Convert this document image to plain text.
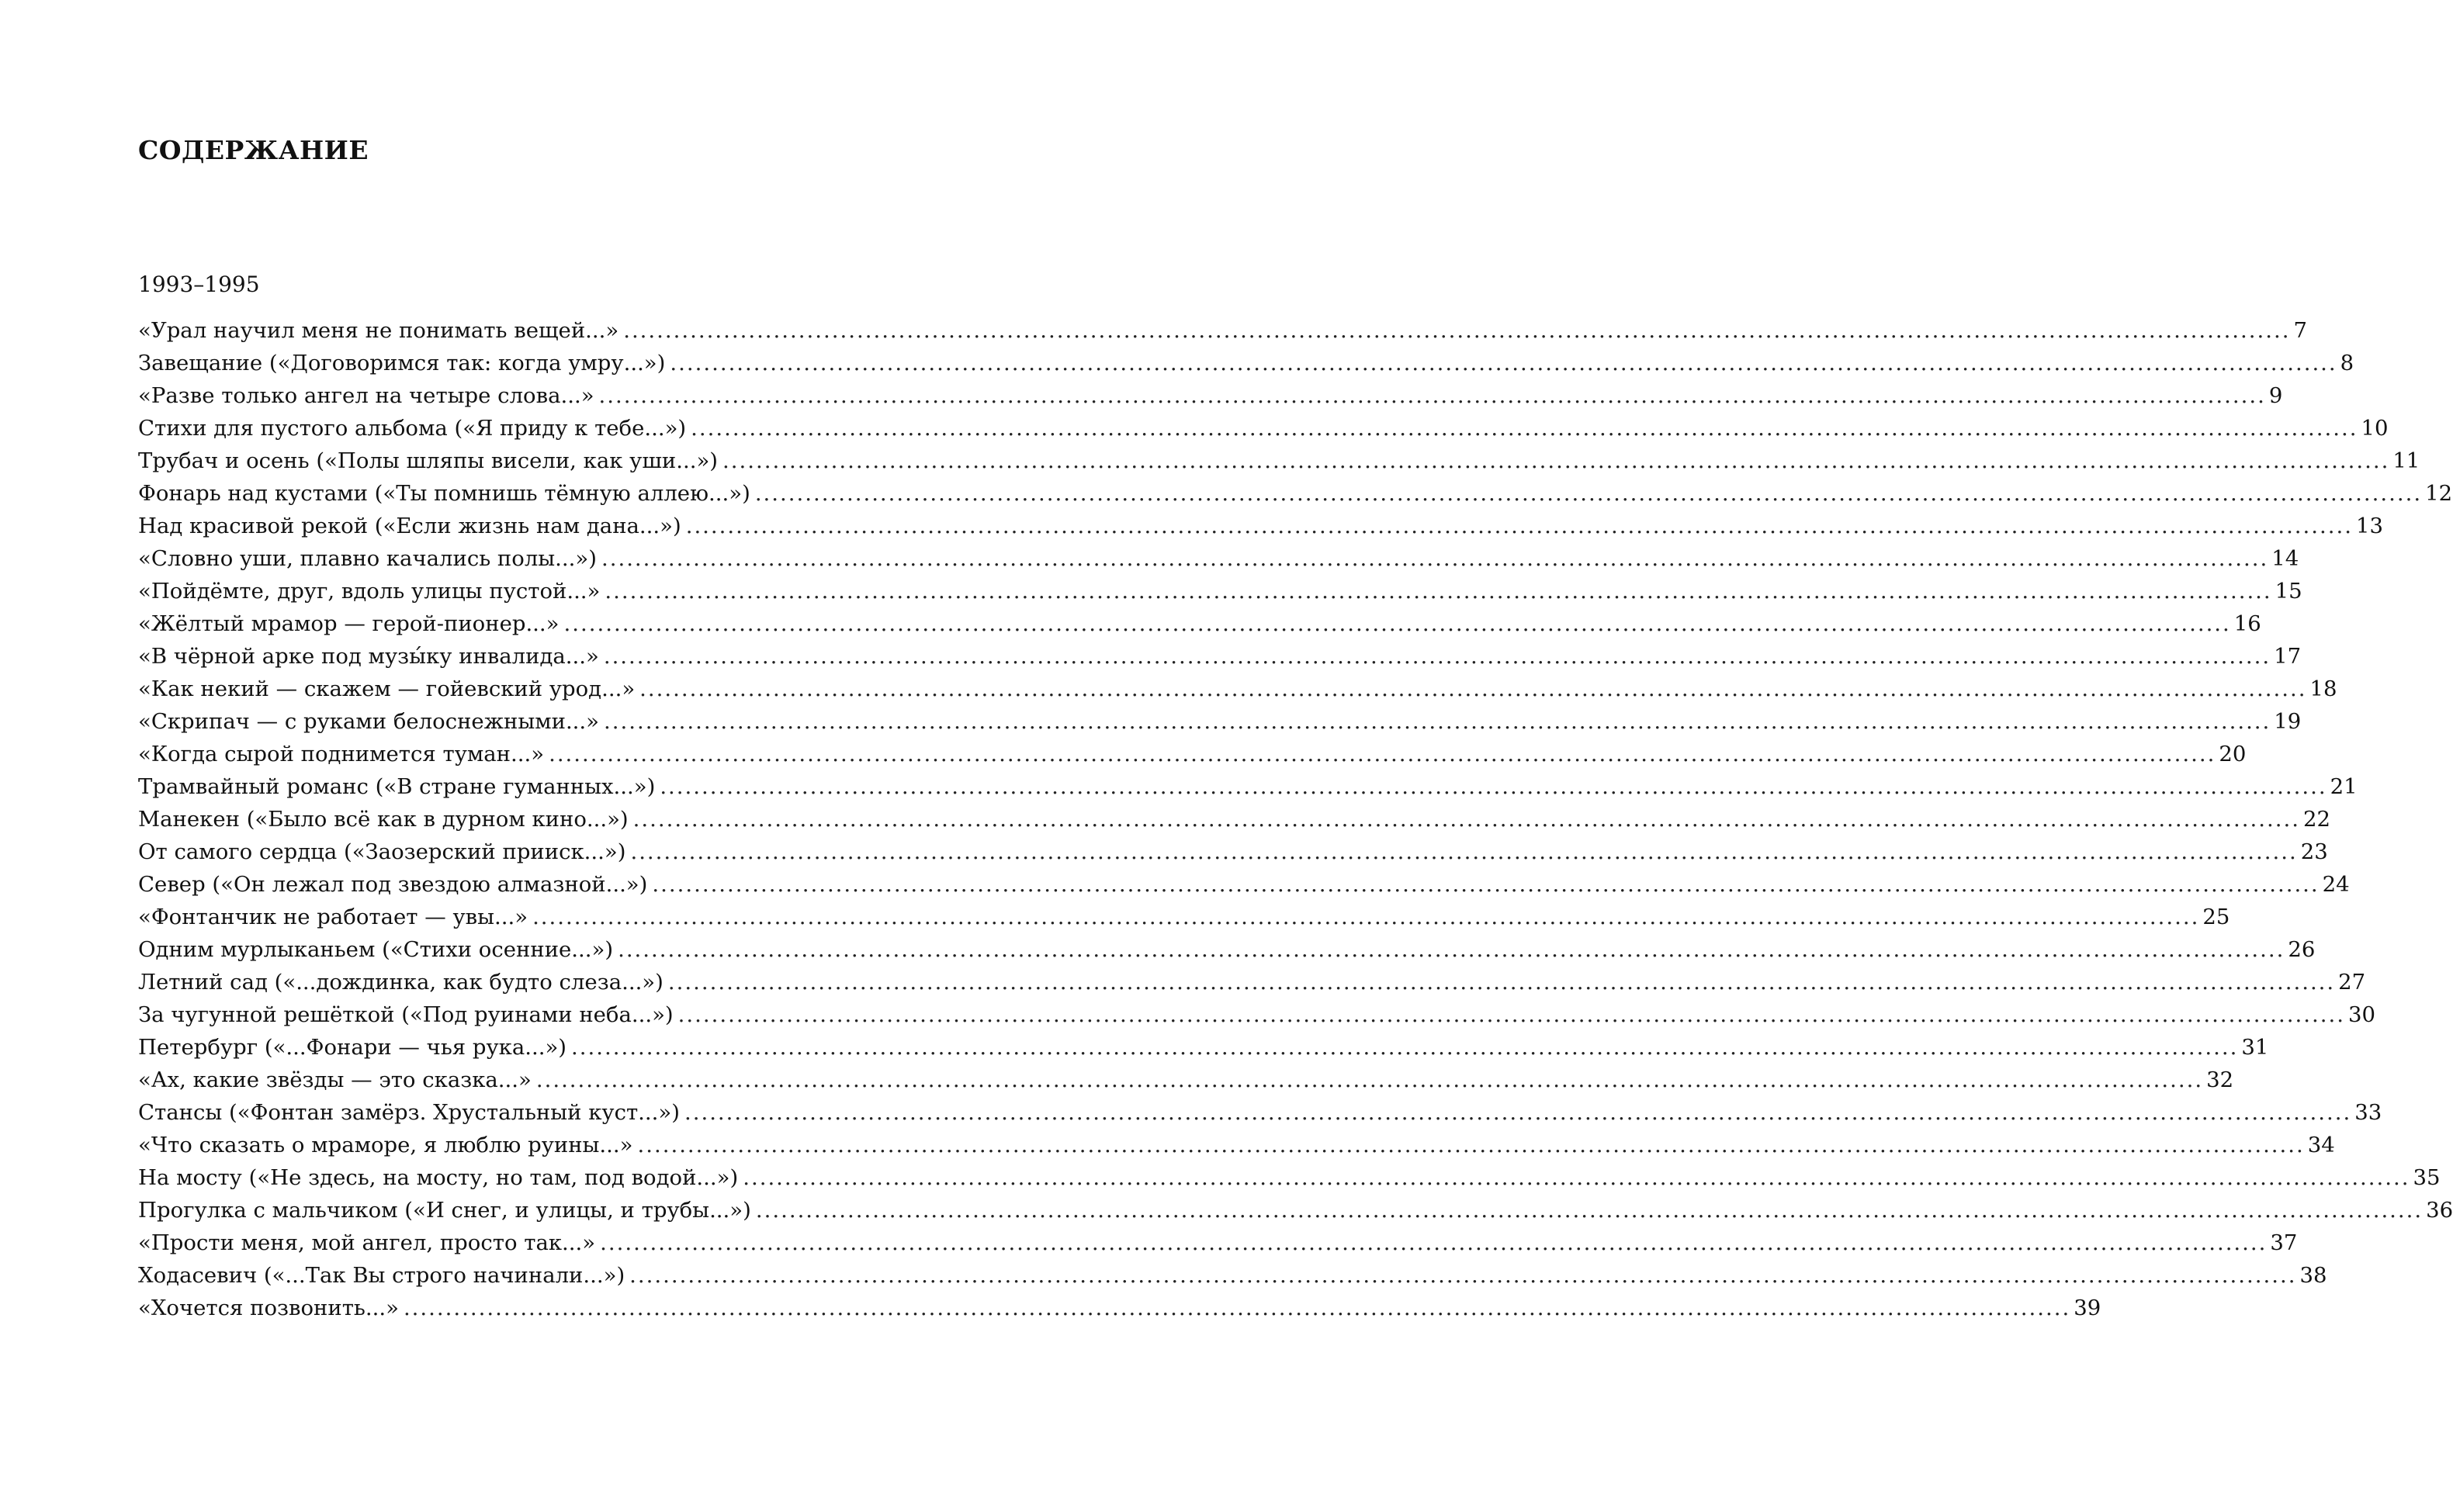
СОДЕРЖАНИЕ
1993–1995
«Урал научил меня не понимать вещей...» ........................................................................................................................................................................................................ 7
Завещание («Договоримся так: когда умру...») ........................................................................................................................................................................................................ 8
«Разве только ангел на четыре слова...» ........................................................................................................................................................................................................ 9
Стихи для пустого альбома («Я приду к тебе...») ........................................................................................................................................................................................................ 10
Трубач и осень («Полы шляпы висели, как уши...») ........................................................................................................................................................................................................ 11
Фонарь над кустами («Ты помнишь тёмную аллею...») ........................................................................................................................................................................................................ 12
Над красивой рекой («Если жизнь нам дана...») ........................................................................................................................................................................................................ 13
«Словно уши, плавно качались полы...») ........................................................................................................................................................................................................ 14
«Пойдёмте, друг, вдоль улицы пустой...» ........................................................................................................................................................................................................ 15
«Жёлтый мрамор — герой-пионер...» ........................................................................................................................................................................................................ 16
«В чёрной арке под музы́ку инвалида...» ........................................................................................................................................................................................................ 17
«Как некий — скажем — гойевский урод...» ........................................................................................................................................................................................................ 18
«Скрипач — с руками белоснежными...» ........................................................................................................................................................................................................ 19
«Когда сырой поднимется туман...» ........................................................................................................................................................................................................ 20
Трамвайный романс («В стране гуманных...») ........................................................................................................................................................................................................ 21
Манекен («Было всё как в дурном кино...») ........................................................................................................................................................................................................ 22
От самого сердца («Заозерский прииск...») ........................................................................................................................................................................................................ 23
Север («Он лежал под звездою алмазной...») ........................................................................................................................................................................................................ 24
«Фонтанчик не работает — увы...» ........................................................................................................................................................................................................ 25
Одним мурлыканьем («Стихи осенние...») ........................................................................................................................................................................................................ 26
Летний сад («...дождинка, как будто слеза...») ........................................................................................................................................................................................................ 27
За чугунной решёткой («Под руинами неба...») ........................................................................................................................................................................................................ 30
Петербург («...Фонари — чья рука...») ........................................................................................................................................................................................................ 31
«Ах, какие звёзды — это сказка...» ........................................................................................................................................................................................................ 32
Стансы («Фонтан замёрз. Хрустальный куст...») ........................................................................................................................................................................................................ 33
«Что сказать о мраморе, я люблю руины...» ........................................................................................................................................................................................................ 34
На мосту («Не здесь, на мосту, но там, под водой...») ........................................................................................................................................................................................................ 35
Прогулка с мальчиком («И снег, и улицы, и трубы...») ........................................................................................................................................................................................................ 36
«Прости меня, мой ангел, просто так...» ........................................................................................................................................................................................................ 37
Ходасевич («...Так Вы строго начинали...») ........................................................................................................................................................................................................ 38
«Хочется позвонить...» ........................................................................................................................................................................................................ 39
